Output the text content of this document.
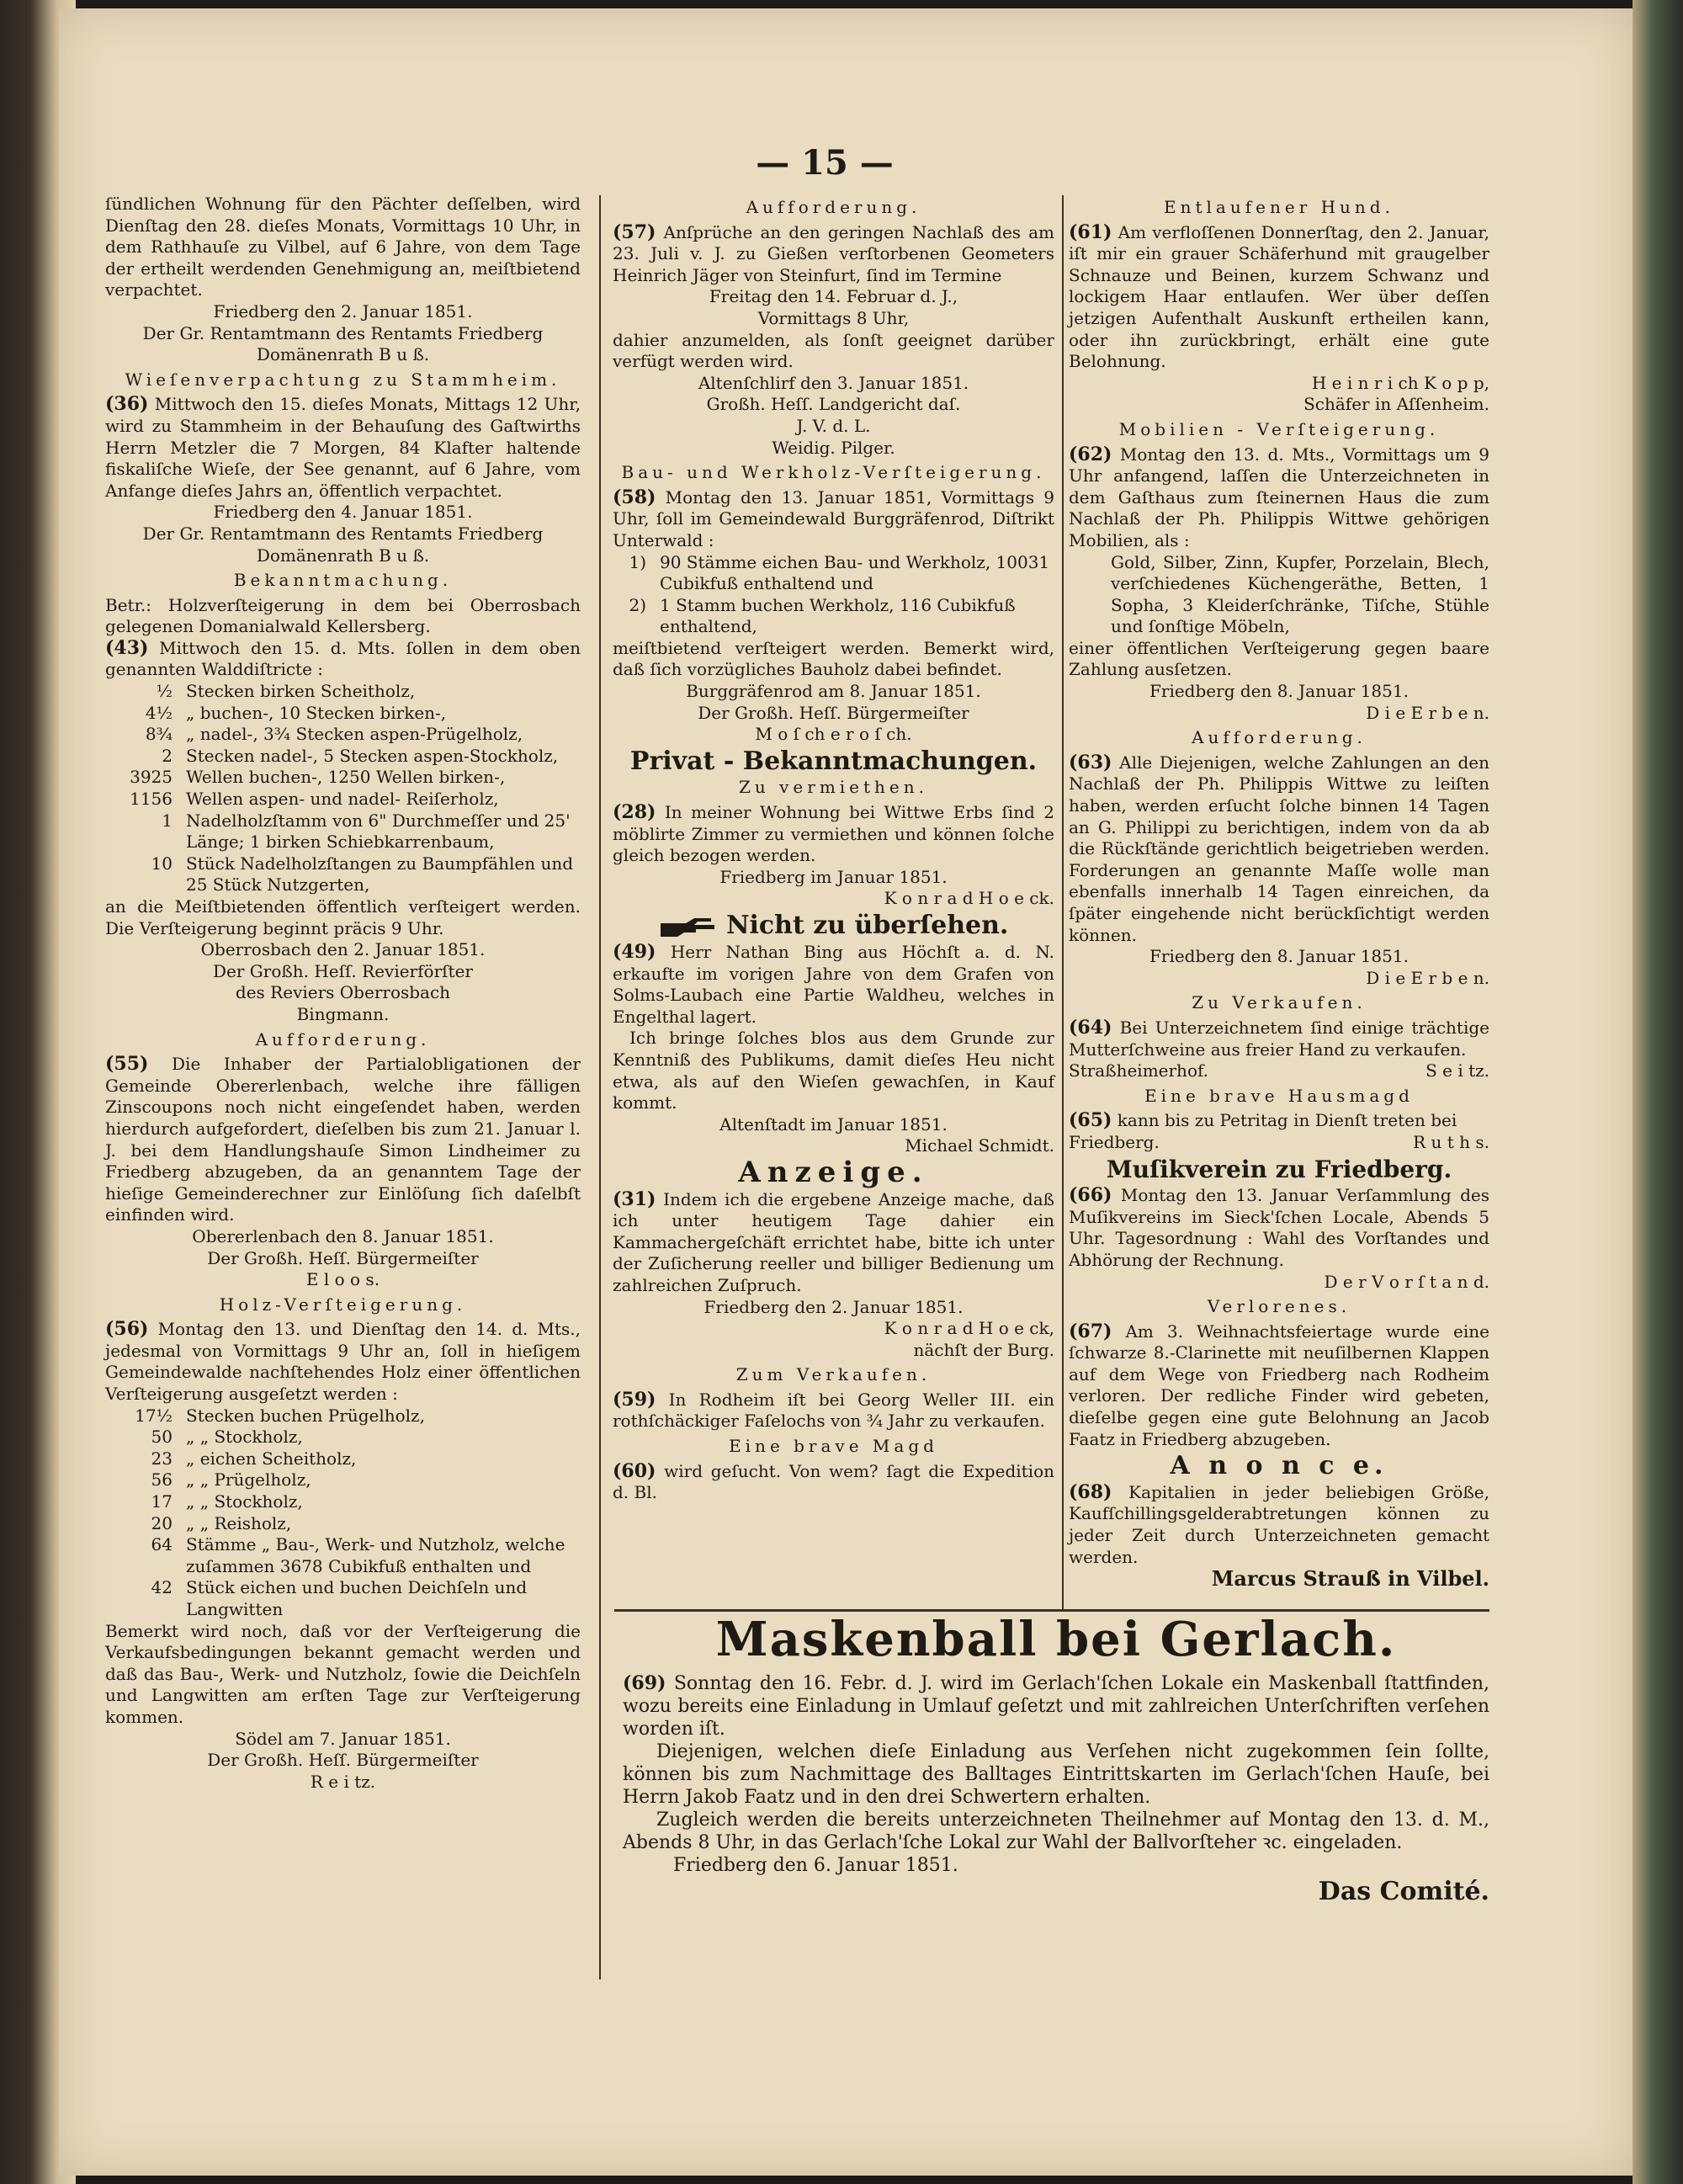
— 15 —

ſündlichen Wohnung für den Pächter deſſelben, wird Dienſtag den 28. dieſes Monats, Vormittags 10 Uhr, in dem Rathhauſe zu Vilbel, auf 6 Jahre, von dem Tage der ertheilt werdenden Genehmigung an, meiſtbietend verpachtet.

Friedberg den 2. Januar 1851.

Der Gr. Rentamtmann des Rentamts Friedberg

Domänenrath B u ß.

Wieſenverpachtung zu Stammheim.

(36) Mittwoch den 15. dieſes Monats, Mittags 12 Uhr, wird zu Stammheim in der Behauſung des Gaſtwirths Herrn Metzler die 7 Morgen, 84 Klafter haltende fiskaliſche Wieſe, der See genannt, auf 6 Jahre, vom Anfange dieſes Jahrs an, öffentlich verpachtet.

Friedberg den 4. Januar 1851.

Der Gr. Rentamtmann des Rentamts Friedberg

Domänenrath B u ß.

Bekanntmachung.

Betr.: Holzverſteigerung in dem bei Oberrosbach gelegenen Domanialwald Kellersberg.

(43) Mittwoch den 15. d. Mts. ſollen in dem oben genannten Walddiſtricte :

½ Stecken birken Scheitholz,
4½ „ buchen-, 10 Stecken birken-,
8¾ „ nadel-, 3¾ Stecken aspen-Prügelholz,
2 Stecken nadel-, 5 Stecken aspen-Stockholz,
3925 Wellen buchen-, 1250 Wellen birken-,
1156 Wellen aspen- und nadel- Reiſerholz,
1 Nadelholzſtamm von 6" Durchmeſſer und 25' Länge; 1 birken Schiebkarrenbaum,
10 Stück Nadelholzſtangen zu Baumpfählen und 25 Stück Nutzgerten,

an die Meiſtbietenden öffentlich verſteigert werden. Die Verſteigerung beginnt präcis 9 Uhr.

Oberrosbach den 2. Januar 1851.

Der Großh. Heſſ. Revierförſter

des Reviers Oberrosbach

Bingmann.

Aufforderung.

(55) Die Inhaber der Partialobligationen der Gemeinde Obererlenbach, welche ihre fälligen Zinscoupons noch nicht eingeſendet haben, werden hierdurch aufgefordert, dieſelben bis zum 21. Januar l. J. bei dem Handlungshauſe Simon Lindheimer zu Friedberg abzugeben, da an genanntem Tage der hieſige Gemeinderechner zur Einlöſung ſich daſelbſt einfinden wird.

Obererlenbach den 8. Januar 1851.

Der Großh. Heſſ. Bürgermeiſter

E l o o s.

Holz-Verſteigerung.

(56) Montag den 13. und Dienſtag den 14. d. Mts., jedesmal von Vormittags 9 Uhr an, ſoll in hieſigem Gemeindewalde nachſtehendes Holz einer öffentlichen Verſteigerung ausgeſetzt werden :

17½ Stecken buchen Prügelholz,
50 „ „ Stockholz,
23 „ eichen Scheitholz,
56 „ „ Prügelholz,
17 „ „ Stockholz,
20 „ „ Reisholz,
64 Stämme „ Bau-, Werk- und Nutzholz, welche zuſammen 3678 Cubikfuß enthalten und
42 Stück eichen und buchen Deichſeln und Langwitten

Bemerkt wird noch, daß vor der Verſteigerung die Verkaufsbedingungen bekannt gemacht werden und daß das Bau-, Werk- und Nutzholz, ſowie die Deichſeln und Langwitten am erſten Tage zur Verſteigerung kommen.

Södel am 7. Januar 1851.

Der Großh. Heſſ. Bürgermeiſter

R e i tz.

Aufforderung.

(57) Anſprüche an den geringen Nachlaß des am 23. Juli v. J. zu Gießen verſtorbenen Geometers Heinrich Jäger von Steinfurt, ſind im Termine

Freitag den 14. Februar d. J.,

Vormittags 8 Uhr,

dahier anzumelden, als ſonſt geeignet darüber verfügt werden wird.

Altenſchlirf den 3. Januar 1851.

Großh. Heſſ. Landgericht daſ.

J. V. d. L.

Weidig. Pilger.

Bau- und Werkholz-Verſteigerung.

(58) Montag den 13. Januar 1851, Vormittags 9 Uhr, ſoll im Gemeindewald Burggräfenrod, Diſtrikt Unterwald :

1) 90 Stämme eichen Bau- und Werkholz, 10031 Cubikfuß enthaltend und
2) 1 Stamm buchen Werkholz, 116 Cubikfuß enthaltend,

meiſtbietend verſteigert werden. Bemerkt wird, daß ſich vorzügliches Bauholz dabei befindet.

Burggräfenrod am 8. Januar 1851.

Der Großh. Heſſ. Bürgermeiſter

M o ſ ch e r o ſ ch.

Privat - Bekanntmachungen.
Zu vermiethen.

(28) In meiner Wohnung bei Wittwe Erbs ſind 2 möblirte Zimmer zu vermiethen und können ſolche gleich bezogen werden.

Friedberg im Januar 1851.

K o n r a d H o e ck.

Nicht zu überſehen.

(49) Herr Nathan Bing aus Höchſt a. d. N. erkaufte im vorigen Jahre von dem Grafen von Solms-Laubach eine Partie Waldheu, welches in Engelthal lagert.

Ich bringe ſolches blos aus dem Grunde zur Kenntniß des Publikums, damit dieſes Heu nicht etwa, als auf den Wieſen gewachſen, in Kauf kommt.

Altenſtadt im Januar 1851.

Michael Schmidt.

Anzeige.

(31) Indem ich die ergebene Anzeige mache, daß ich unter heutigem Tage dahier ein Kammachergeſchäft errichtet habe, bitte ich unter der Zuſicherung reeller und billiger Bedienung um zahlreichen Zuſpruch.

Friedberg den 2. Januar 1851.

K o n r a d H o e ck,

nächſt der Burg.

Zum Verkaufen.

(59) In Rodheim iſt bei Georg Weller III. ein rothſchäckiger Faſelochs von ¾ Jahr zu verkaufen.

Eine brave Magd

(60) wird geſucht. Von wem? ſagt die Expedition d. Bl.

Entlaufener Hund.

(61) Am verfloſſenen Donnerſtag, den 2. Januar, iſt mir ein grauer Schäferhund mit graugelber Schnauze und Beinen, kurzem Schwanz und lockigem Haar entlaufen. Wer über deſſen jetzigen Aufenthalt Auskunft ertheilen kann, oder ihn zurückbringt, erhält eine gute Belohnung.

H e i n r i ch K o p p,

Schäfer in Aſſenheim.

Mobilien - Verſteigerung.

(62) Montag den 13. d. Mts., Vormittags um 9 Uhr anfangend, laſſen die Unterzeichneten in dem Gaſthaus zum ſteinernen Haus die zum Nachlaß der Ph. Philippis Wittwe gehörigen Mobilien, als :

Gold, Silber, Zinn, Kupfer, Porzelain, Blech, verſchiedenes Küchengeräthe, Betten, 1 Sopha, 3 Kleiderſchränke, Tiſche, Stühle und ſonſtige Möbeln,

einer öffentlichen Verſteigerung gegen baare Zahlung ausſetzen.

Friedberg den 8. Januar 1851.

D i e E r b e n.

Aufforderung.

(63) Alle Diejenigen, welche Zahlungen an den Nachlaß der Ph. Philippis Wittwe zu leiſten haben, werden erſucht ſolche binnen 14 Tagen an G. Philippi zu berichtigen, indem von da ab die Rückſtände gerichtlich beigetrieben werden. Forderungen an genannte Maſſe wolle man ebenfalls innerhalb 14 Tagen einreichen, da ſpäter eingehende nicht berückſichtigt werden können.

Friedberg den 8. Januar 1851.

D i e E r b e n.

Zu Verkaufen.

(64) Bei Unterzeichnetem ſind einige trächtige Mutterſchweine aus freier Hand zu verkaufen.

Straßheimerhof.	S e i tz.

Eine brave Hausmagd

(65) kann bis zu Petritag in Dienſt treten bei

Friedberg.	R u t h s.

Muſikverein zu Friedberg.

(66) Montag den 13. Januar Verſammlung des Muſikvereins im Sieck'ſchen Locale, Abends 5 Uhr. Tagesordnung : Wahl des Vorſtandes und Abhörung der Rechnung.

D e r V o r ſ t a n d.

Verlorenes.

(67) Am 3. Weihnachtsfeiertage wurde eine ſchwarze 8.-Clarinette mit neuſilbernen Klappen auf dem Wege von Friedberg nach Rodheim verloren. Der redliche Finder wird gebeten, dieſelbe gegen eine gute Belohnung an Jacob Faatz in Friedberg abzugeben.

A n o n c e.

(68) Kapitalien in jeder beliebigen Größe, Kaufſchillingsgelderabtretungen können zu jeder Zeit durch Unterzeichneten gemacht werden.

Marcus Strauß in Vilbel.

Maskenball bei Gerlach.

(69) Sonntag den 16. Febr. d. J. wird im Gerlach'ſchen Lokale ein Maskenball ſtattfinden, wozu bereits eine Einladung in Umlauf geſetzt und mit zahlreichen Unterſchriften verſehen worden iſt.

Diejenigen, welchen dieſe Einladung aus Verſehen nicht zugekommen ſein ſollte, können bis zum Nachmittage des Balltages Eintrittskarten im Gerlach'ſchen Hauſe, bei Herrn Jakob Faatz und in den drei Schwertern erhalten.

Zugleich werden die bereits unterzeichneten Theilnehmer auf Montag den 13. d. M., Abends 8 Uhr, in das Gerlach'ſche Lokal zur Wahl der Ballvorſteher ꝛc. eingeladen.

Friedberg den 6. Januar 1851.

Das Comité.
